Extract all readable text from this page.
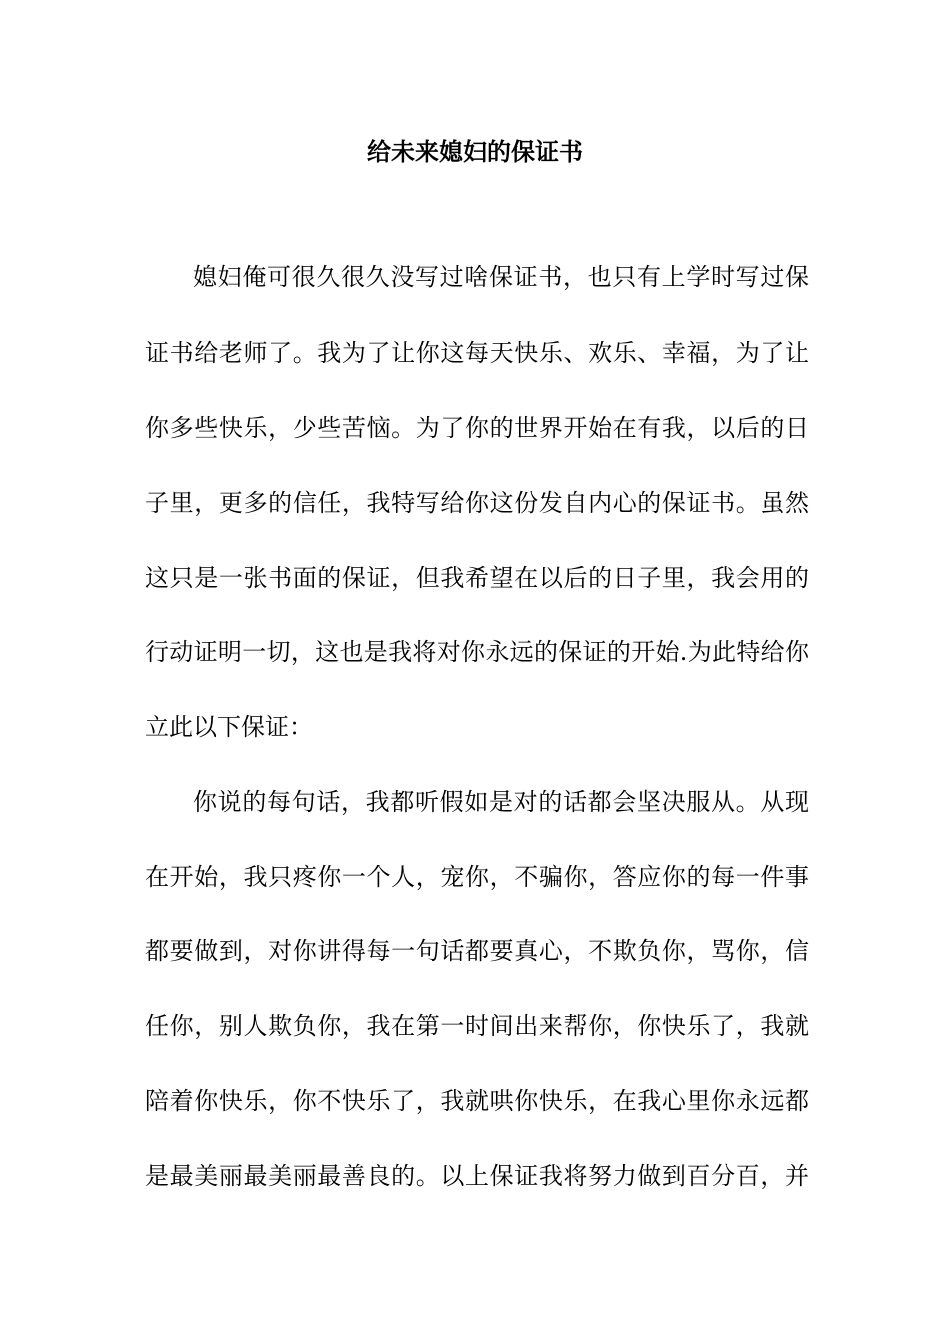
给未来媳妇的保证书
媳妇俺可很久很久没写过啥保证书，也只有上学时写过保
证书给老师了。我为了让你这每天快乐、欢乐、幸福，为了让
你多些快乐，少些苦恼。为了你的世界开始在有我，以后的日
子里，更多的信任，我特写给你这份发自内心的保证书。虽然
这只是一张书面的保证，但我希望在以后的日子里，我会用的
行动证明一切，这也是我将对你永远的保证的开始.为此特给你
立此以下保证：
你说的每句话，我都听假如是对的话都会坚决服从。从现
在开始，我只疼你一个人，宠你，不骗你，答应你的每一件事
都要做到，对你讲得每一句话都要真心，不欺负你，骂你，信
任你，别人欺负你，我在第一时间出来帮你，你快乐了，我就
陪着你快乐，你不快乐了，我就哄你快乐，在我心里你永远都
是最美丽最美丽最善良的。以上保证我将努力做到百分百，并
